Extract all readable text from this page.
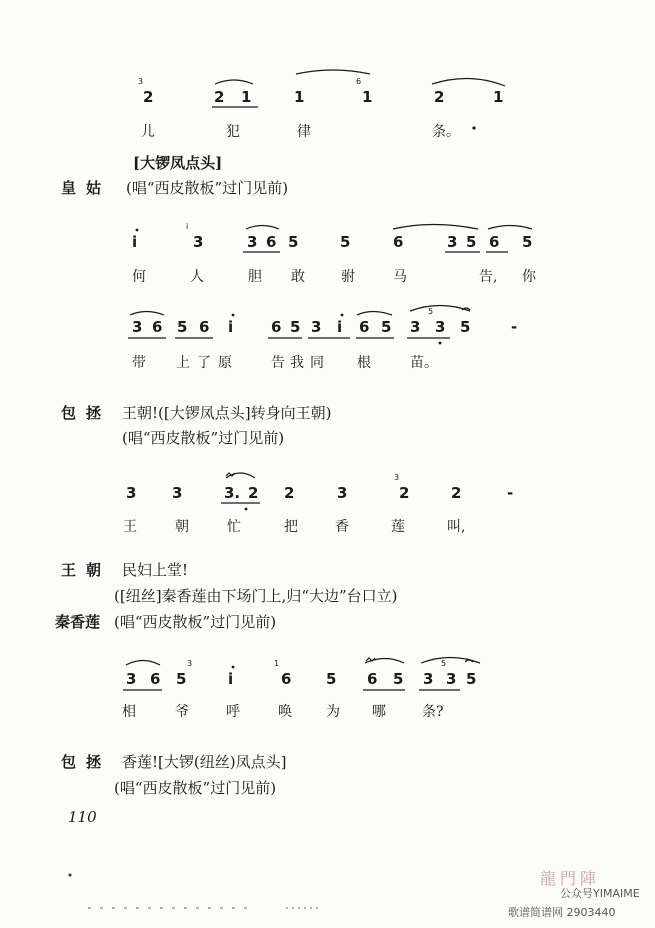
3
2	2 1	1
6
1	2	1
儿	犯	律	条。
[大锣凤点头]
皇姑 (唱“西皮散板”过门见前)
i
i
3	3 6 5	5	6	3 5 6 5
何	人	胆 敢	驸	马	告, 你
3 6 5 6 i	6 5 3 i 6 5 3
5
3 5	-
带 上 了 原	告 我 同 根	苗。
包拯 王朝!([大锣凤点头]转身向王朝)
(唱“西皮散板”过门见前)
3 3	3. 2 2	3
3
2	2	-
王	朝	忙	把	香	莲	叫,
王朝 民妇上堂!
([纽丝]秦香莲由下场门上,归“大边”台口立)
秦香莲 (唱“西皮散板”过门见前)
3 6 5
3
i
1
6 5 6 5 3
5
3 5
相	爷	呼	唤 为 哪	条?
包拯 香莲![大锣(纽丝)凤点头]
(唱“西皮散板”过门见前)
110
龍門陣
公众号YIMAIME
歌谱简谱网 2903440
